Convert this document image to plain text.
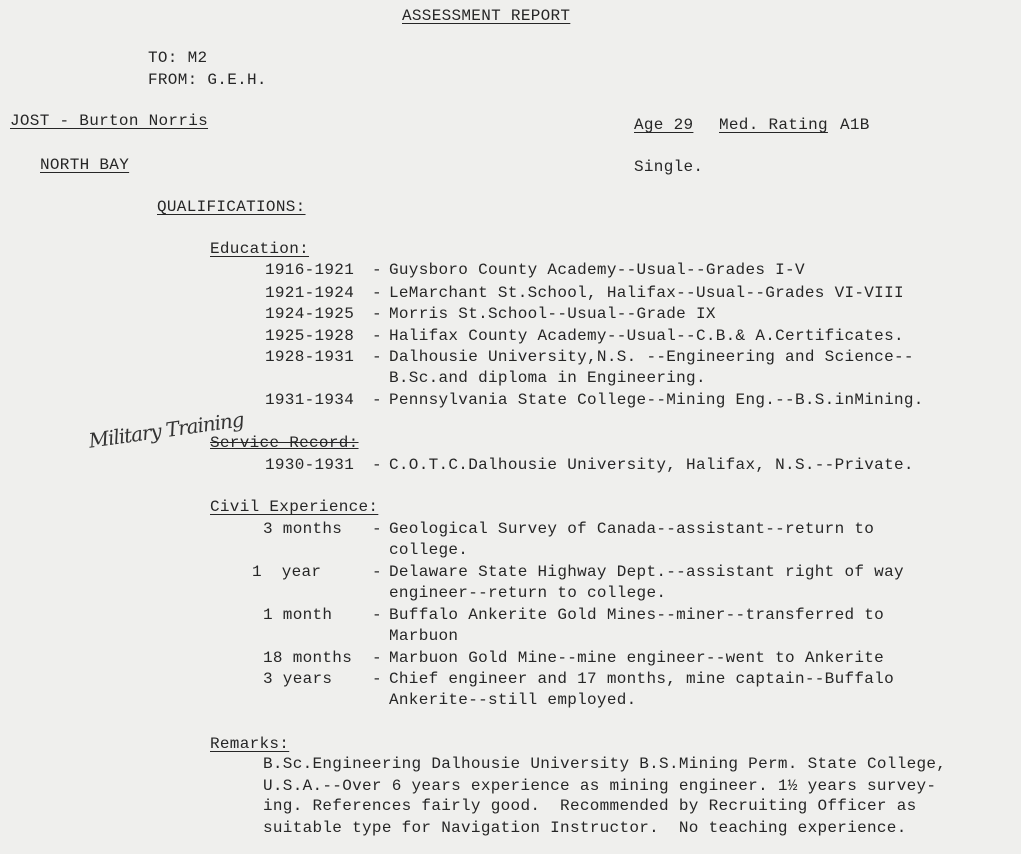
ASSESSMENT REPORT
TO: M2
FROM: G.E.H.
JOST - Burton Norris	Age 29 Med. Rating A1B
NORTH BAY	Single.
QUALIFICATIONS:
Education:
1916-1921 - Guysboro County Academy--Usual--Grades I-V
1921-1924 - LeMarchant St.School, Halifax--Usual--Grades VI-VIII
1924-1925 - Morris St.School--Usual--Grade IX
1925-1928 - Halifax County Academy--Usual--C.B.& A.Certificates.
1928-1931 - Dalhousie University,N.S. --Engineering and Science--
B.Sc.and diploma in Engineering.
1931-1934 - Pennsylvania State College--Mining Eng.--B.S.inMining.
Military Training
Service Record:
1930-1931 - C.O.T.C.Dalhousie University, Halifax, N.S.--Private.
Civil Experience:
3 months - Geological Survey of Canada--assistant--return to
college.
1  year	- Delaware State Highway Dept.--assistant right of way
engineer--return to college.
1 month - Buffalo Ankerite Gold Mines--miner--transferred to
Marbuon
18 months - Marbuon Gold Mine--mine engineer--went to Ankerite
3 years - Chief engineer and 17 months, mine captain--Buffalo
Ankerite--still employed.
Remarks:
B.Sc.Engineering Dalhousie University B.S.Mining Perm. State College,
U.S.A.--Over 6 years experience as mining engineer. 1½ years survey-
ing. References fairly good.  Recommended by Recruiting Officer as
suitable type for Navigation Instructor.  No teaching experience.
